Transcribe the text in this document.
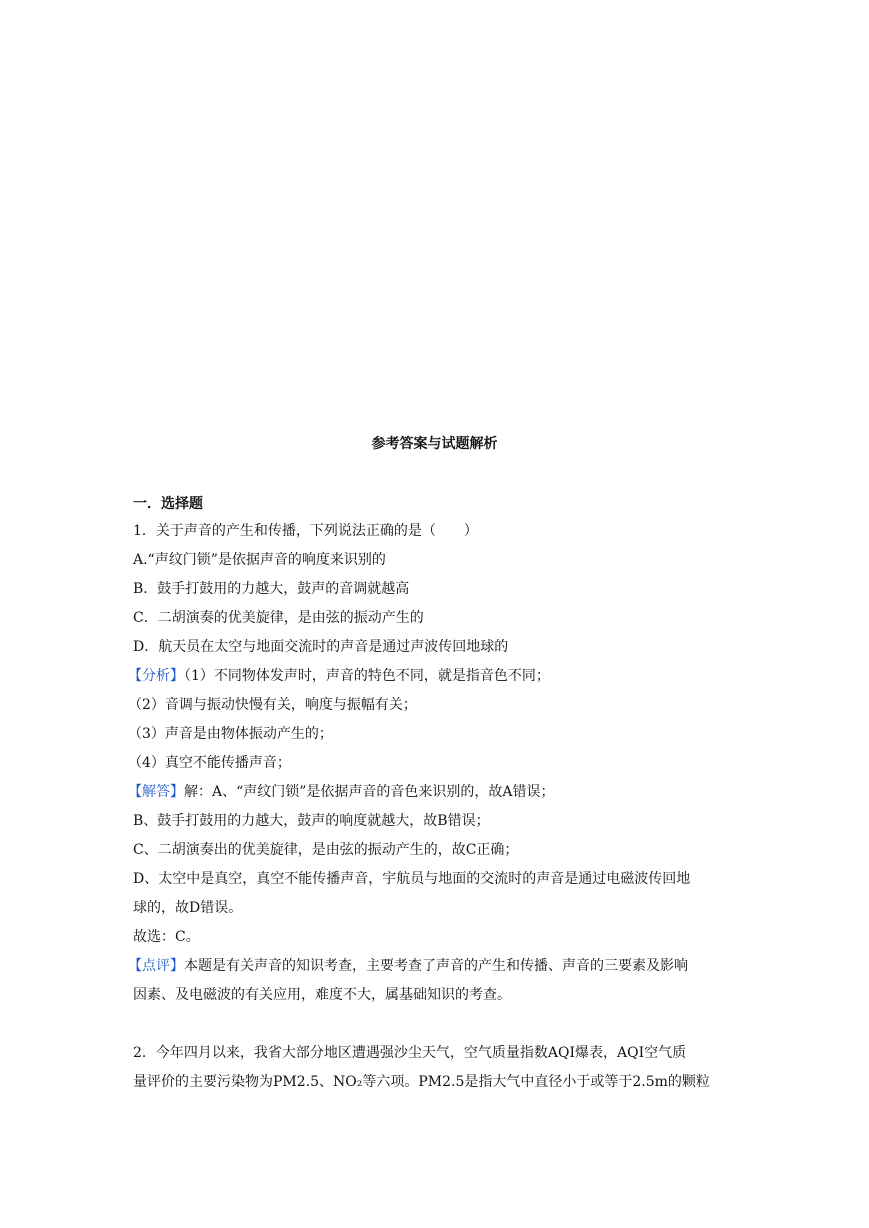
参考答案与试题解析
一．选择题
1．关于声音的产生和传播，下列说法正确的是（　　）
A.“声纹门锁”是依据声音的响度来识别的
B．鼓手打鼓用的力越大，鼓声的音调就越高
C．二胡演奏的优美旋律，是由弦的振动产生的
D．航天员在太空与地面交流时的声音是通过声波传回地球的
【分析】（1）不同物体发声时，声音的特色不同，就是指音色不同；
（2）音调与振动快慢有关，响度与振幅有关；
（3）声音是由物体振动产生的；
（4）真空不能传播声音；
【解答】解：A、“声纹门锁”是依据声音的音色来识别的，故A错误；
B、鼓手打鼓用的力越大，鼓声的响度就越大，故B错误；
C、二胡演奏出的优美旋律，是由弦的振动产生的，故C正确；
D、太空中是真空，真空不能传播声音，宇航员与地面的交流时的声音是通过电磁波传回地
球的，故D错误。
故选：C。
【点评】本题是有关声音的知识考查，主要考查了声音的产生和传播、声音的三要素及影响
因素、及电磁波的有关应用，难度不大，属基础知识的考查。
2．今年四月以来，我省大部分地区遭遇强沙尘天气，空气质量指数AQI爆表，AQI空气质
量评价的主要污染物为PM2.5、NO₂等六项。PM2.5是指大气中直径小于或等于2.5m的颗粒
